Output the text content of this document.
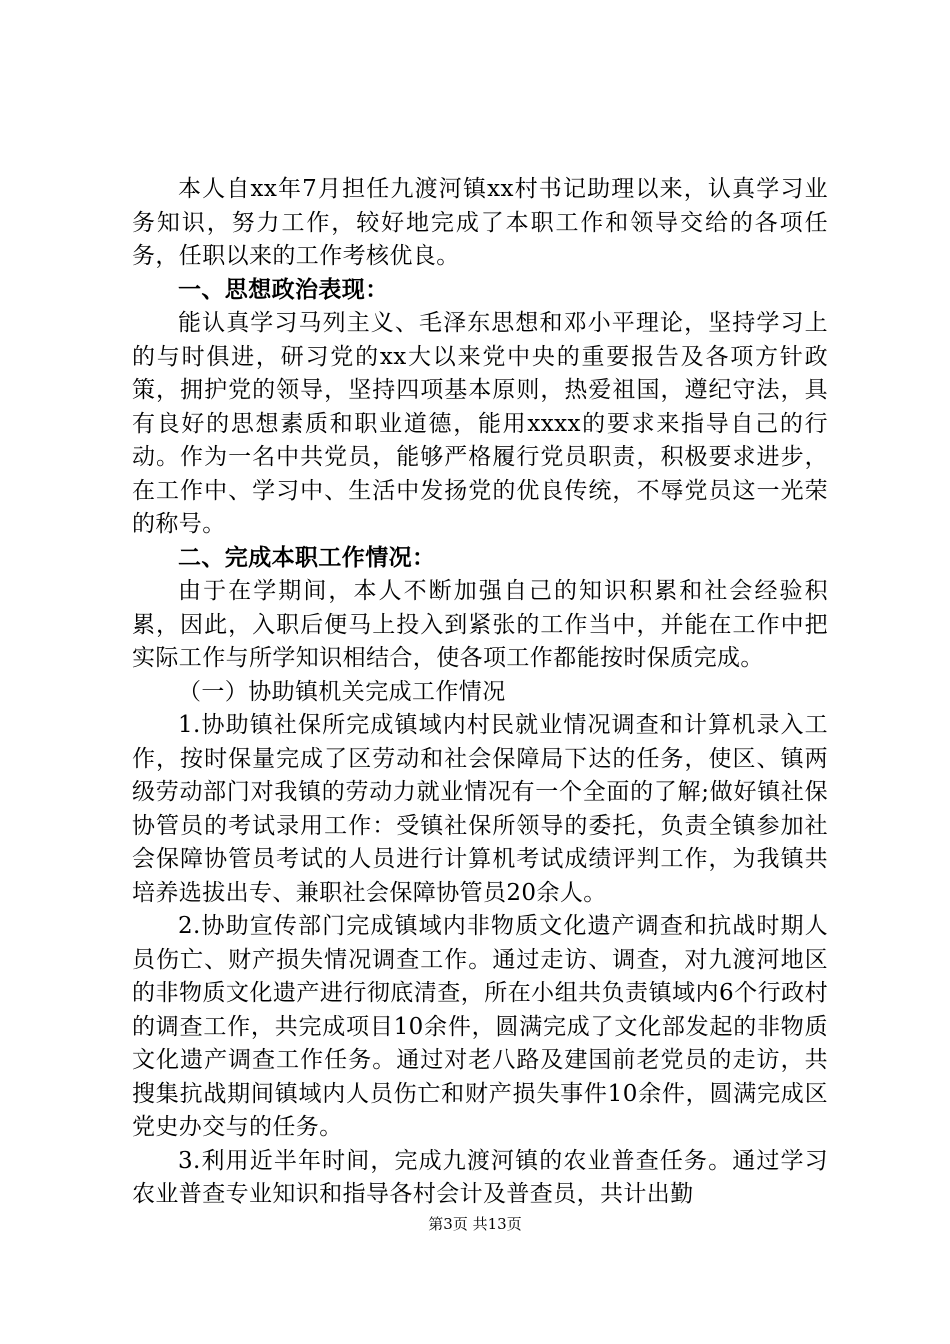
本人自xx年7月担任九渡河镇xx村书记助理以来，认真学习业务知识，努力工作，较好地完成了本职工作和领导交给的各项任务，任职以来的工作考核优良。

一、思想政治表现：

能认真学习马列主义、毛泽东思想和邓小平理论，坚持学习上的与时俱进，研习党的xx大以来党中央的重要报告及各项方针政策，拥护党的领导，坚持四项基本原则，热爱祖国，遵纪守法，具有良好的思想素质和职业道德，能用xxxx的要求来指导自己的行动。作为一名中共党员，能够严格履行党员职责，积极要求进步，在工作中、学习中、生活中发扬党的优良传统，不辱党员这一光荣的称号。

二、完成本职工作情况：

由于在学期间，本人不断加强自己的知识积累和社会经验积累，因此，入职后便马上投入到紧张的工作当中，并能在工作中把实际工作与所学知识相结合，使各项工作都能按时保质完成。

（一）协助镇机关完成工作情况

1.协助镇社保所完成镇域内村民就业情况调查和计算机录入工作，按时保量完成了区劳动和社会保障局下达的任务，使区、镇两级劳动部门对我镇的劳动力就业情况有一个全面的了解;做好镇社保协管员的考试录用工作：受镇社保所领导的委托，负责全镇参加社会保障协管员考试的人员进行计算机考试成绩评判工作，为我镇共培养选拔出专、兼职社会保障协管员20余人。

2.协助宣传部门完成镇域内非物质文化遗产调查和抗战时期人员伤亡、财产损失情况调查工作。通过走访、调查，对九渡河地区的非物质文化遗产进行彻底清查，所在小组共负责镇域内6个行政村的调查工作，共完成项目10余件，圆满完成了文化部发起的非物质文化遗产调查工作任务。通过对老八路及建国前老党员的走访，共搜集抗战期间镇域内人员伤亡和财产损失事件10余件，圆满完成区党史办交与的任务。

3.利用近半年时间，完成九渡河镇的农业普查任务。通过学习农业普查专业知识和指导各村会计及普查员，共计出勤

第3页 共13页
